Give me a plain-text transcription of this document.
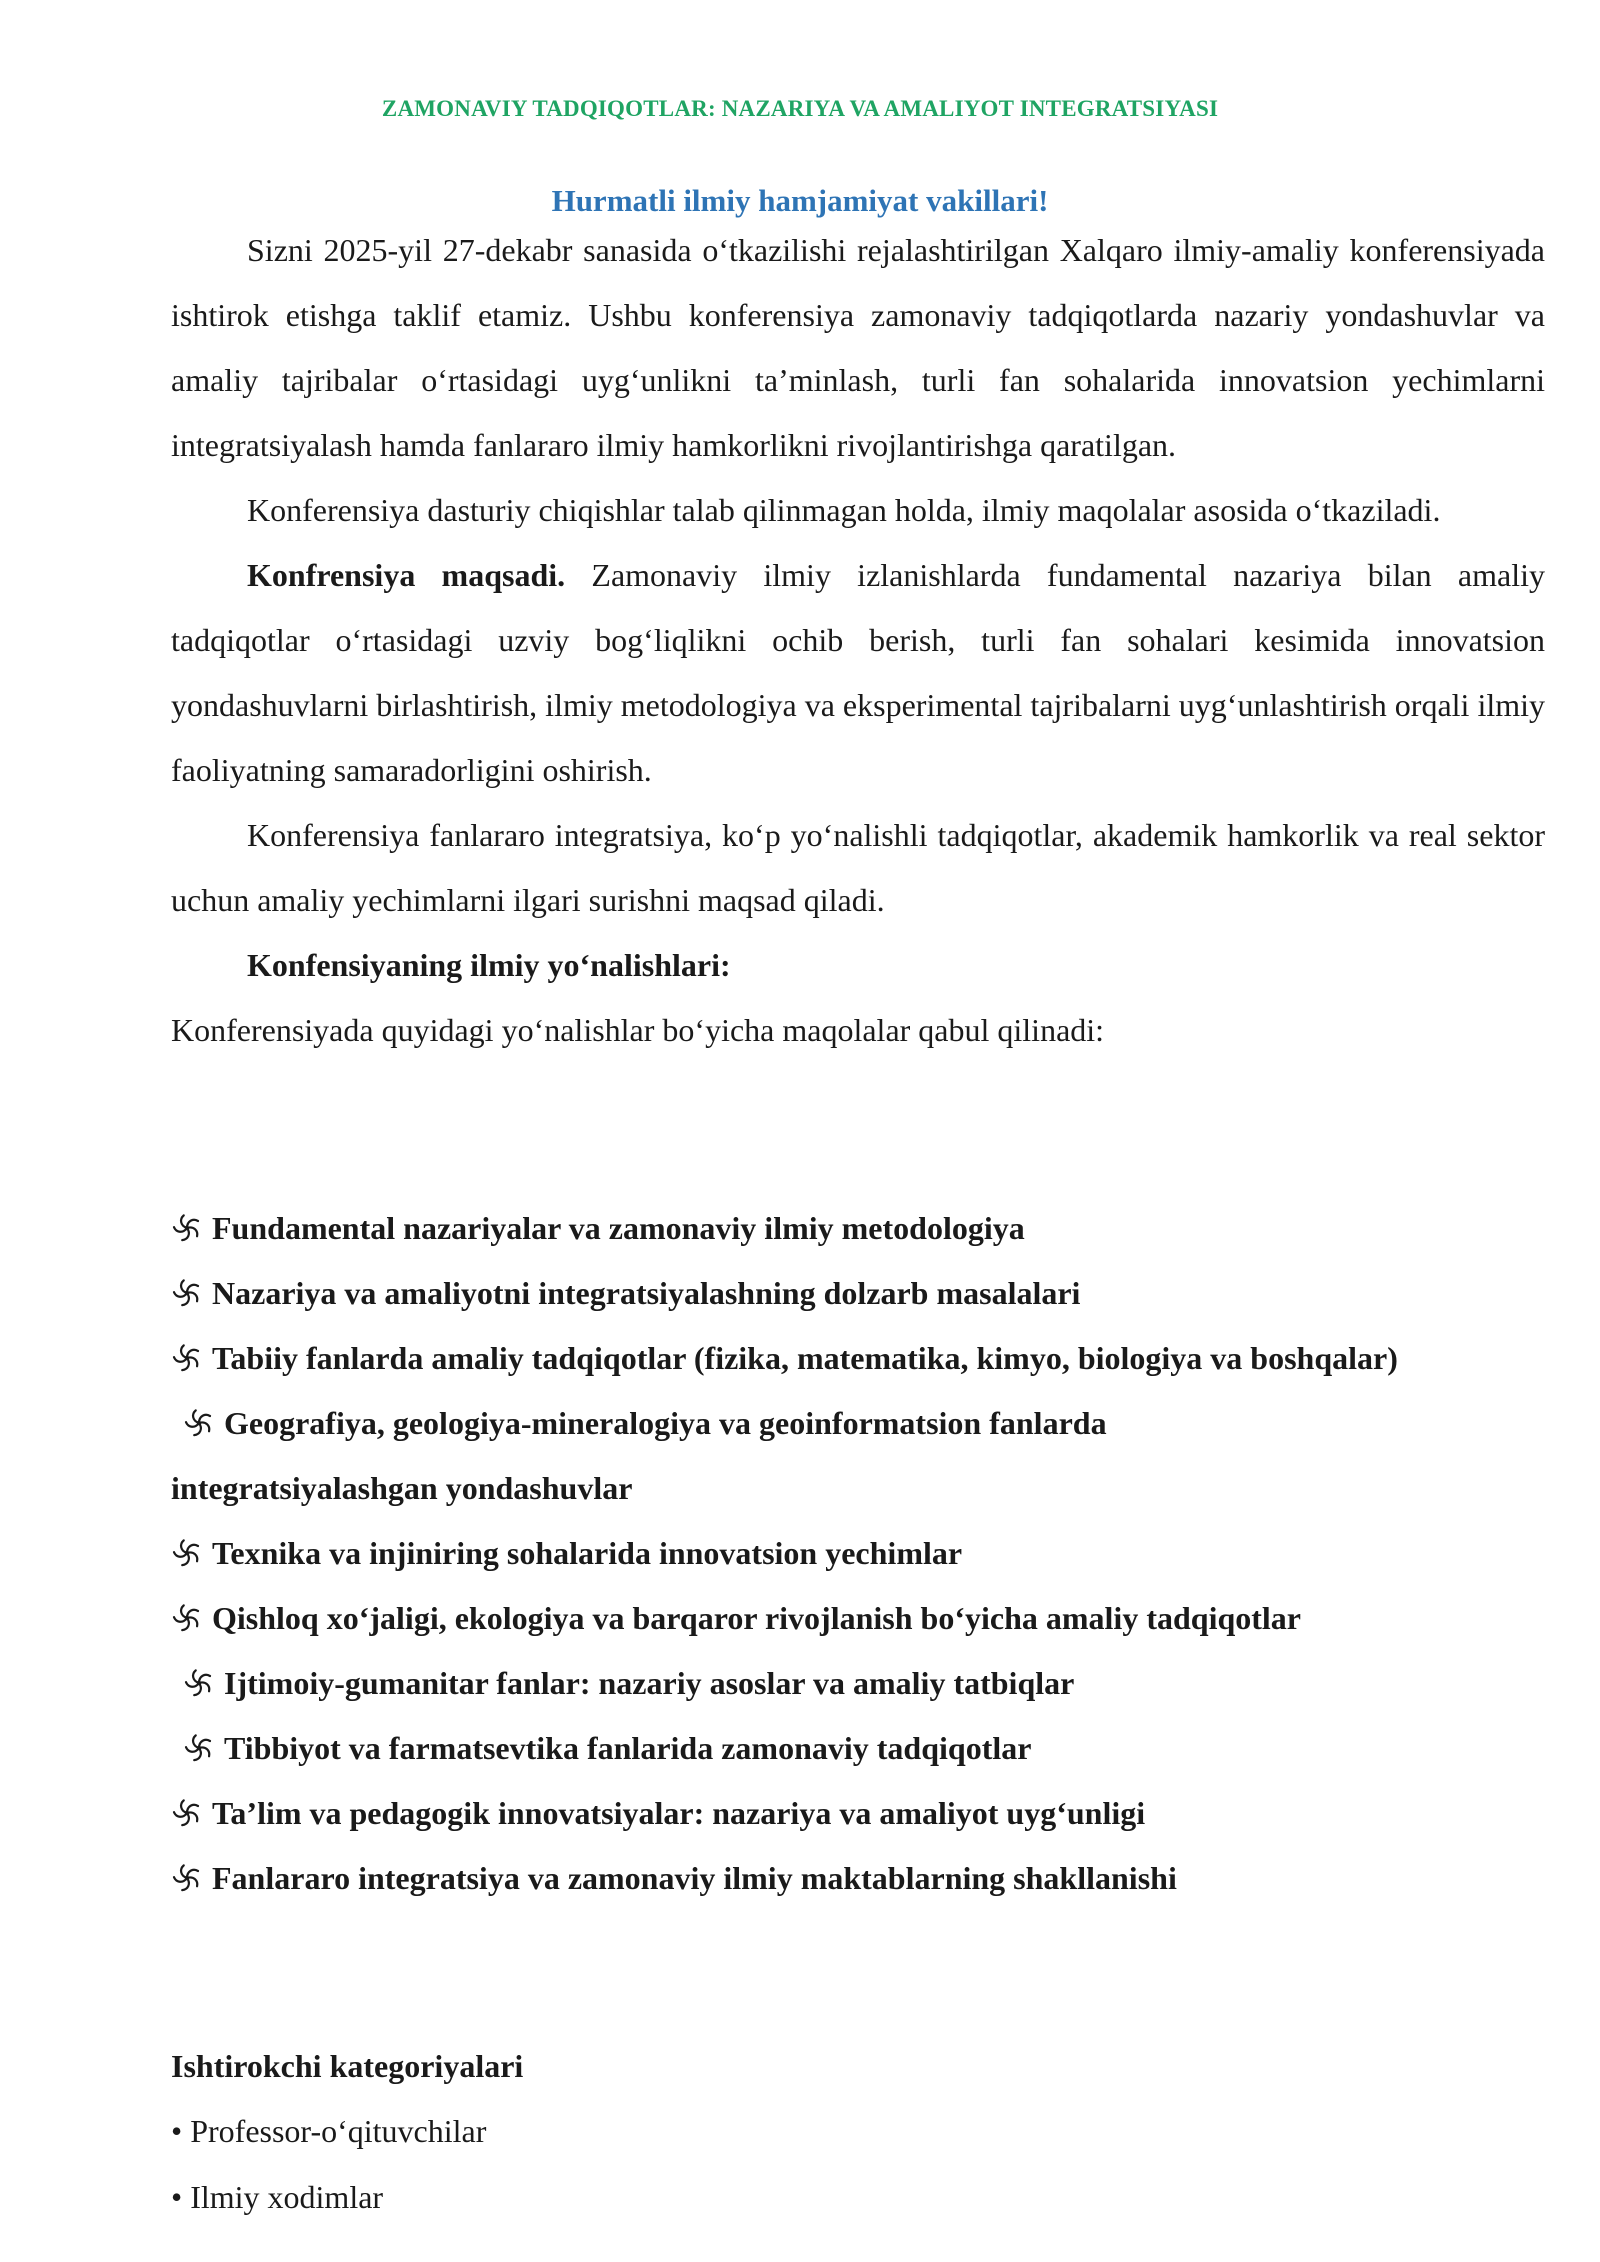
ZAMONAVIY TADQIQOTLAR: NAZARIYA VA AMALIYOT INTEGRATSIYASI
Hurmatli ilmiy hamjamiyat vakillari!

Sizni 2025-yil 27-dekabr sanasida o‘tkazilishi rejalashtirilgan Xalqaro ilmiy-amaliy konferensiyada ishtirok etishga taklif etamiz. Ushbu konferensiya zamonaviy tadqiqotlarda nazariy yondashuvlar va amaliy tajribalar o‘rtasidagi uyg‘unlikni ta’minlash, turli fan sohalarida innovatsion yechimlarni integratsiyalash hamda fanlararo ilmiy hamkorlikni rivojlantirishga qaratilgan.

Konferensiya dasturiy chiqishlar talab qilinmagan holda, ilmiy maqolalar asosida o‘tkaziladi.

Konfrensiya maqsadi. Zamonaviy ilmiy izlanishlarda fundamental nazariya bilan amaliy tadqiqotlar o‘rtasidagi uzviy bog‘liqlikni ochib berish, turli fan sohalari kesimida innovatsion yondashuvlarni birlashtirish, ilmiy metodologiya va eksperimental tajribalarni uyg‘unlashtirish orqali ilmiy faoliyatning samaradorligini oshirish.

Konferensiya fanlararo integratsiya, ko‘p yo‘nalishli tadqiqotlar, akademik hamkorlik va real sektor uchun amaliy yechimlarni ilgari surishni maqsad qiladi.

Konfensiyaning ilmiy yo‘nalishlari:
Konferensiyada quyidagi yo‘nalishlar bo‘yicha maqolalar qabul qilinadi:
Fundamental nazariyalar va zamonaviy ilmiy metodologiya
Nazariya va amaliyotni integratsiyalashning dolzarb masalalari
Tabiiy fanlarda amaliy tadqiqotlar (fizika, matematika, kimyo, biologiya va boshqalar)
Geografiya, geologiya-mineralogiya va geoinformatsion fanlarda integratsiyalashgan yondashuvlar
Texnika va injiniring sohalarida innovatsion yechimlar
Qishloq xo‘jaligi, ekologiya va barqaror rivojlanish bo‘yicha amaliy tadqiqotlar
Ijtimoiy-gumanitar fanlar: nazariy asoslar va amaliy tatbiqlar
Tibbiyot va farmatsevtika fanlarida zamonaviy tadqiqotlar
Ta’lim va pedagogik innovatsiyalar: nazariya va amaliyot uyg‘unligi
Fanlararo integratsiya va zamonaviy ilmiy maktablarning shakllanishi
Ishtirokchi kategoriyalari
• Professor-o‘qituvchilar
• Ilmiy xodimlar
